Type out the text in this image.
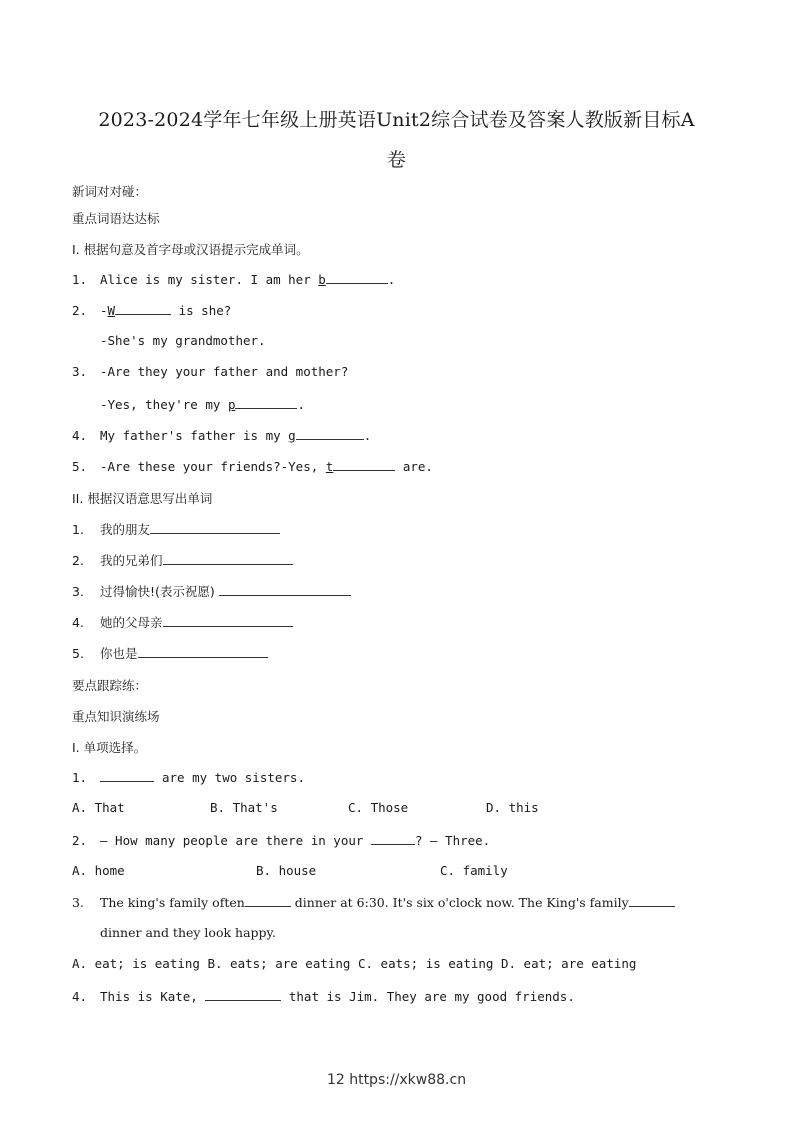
2023-2024学年七年级上册英语Unit2综合试卷及答案人教版新目标A
卷
新词对对碰：
重点词语达达标
I. 根据句意及首字母或汉语提示完成单词。
1. Alice is my sister. I am her b	.
2. -W	is she?
-She's my grandmother.
3. -Are they your father and mother?
-Yes, they're my p	.
4. My father's father is my g	.
5. -Are these your friends?-Yes, t	are.
II. 根据汉语意思写出单词
1. 我的朋友
2. 我的兄弟们
3. 过得愉快!(表示祝愿)
4. 她的父母亲
5. 你也是
要点跟踪练：
重点知识演练场
I. 单项选择。
1.	are my two sisters.
A. That	B. That's	C. Those	D. this
2. — How many people are there in your	? — Three.
A. home	B. house	C. family
3. The king's family often	dinner at 6:30. It's six o'clock now. The King's family
dinner and they look happy.
A. eat; is eating B. eats; are eating C. eats; is eating D. eat; are eating
4. This is Kate,	that is Jim. They are my good friends.
12 https://xkw88.cn
